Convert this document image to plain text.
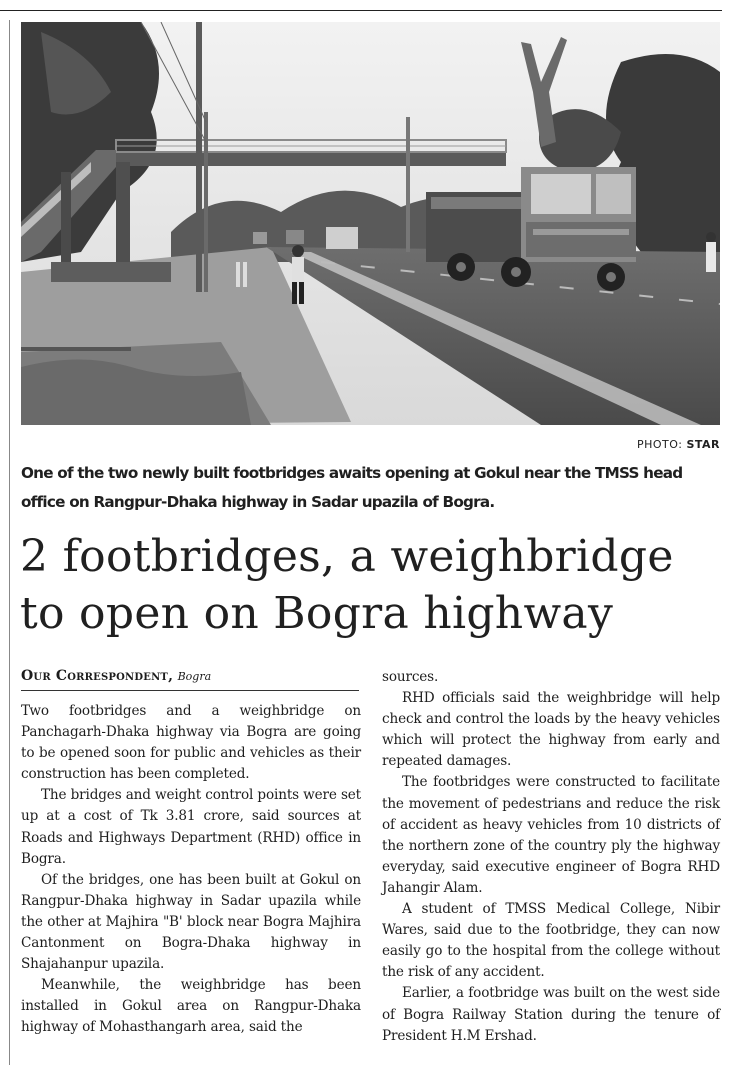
PHOTO: STAR
One of the two newly built footbridges awaits opening at Gokul near the TMSS head office on Rangpur-Dhaka highway in Sadar upazila of Bogra.
2 footbridges, a weighbridge to open on Bogra highway
Our Correspondent, Bogra

Two footbridges and a weighbridge on Panchagarh-Dhaka highway via Bogra are going to be opened soon for public and vehicles as their construction has been completed.

The bridges and weight control points were set up at a cost of Tk 3.81 crore, said sources at Roads and Highways Department (RHD) office in Bogra.

Of the bridges, one has been built at Gokul on Rangpur-Dhaka highway in Sadar upazila while the other at Majhira "B' block near Bogra Majhira Cantonment on Bogra-Dhaka highway in Shajahanpur upazila.

Meanwhile, the weighbridge has been installed in Gokul area on Rangpur-Dhaka highway of Mohasthangarh area, said the

sources.

RHD officials said the weighbridge will help check and control the loads by the heavy vehicles which will protect the highway from early and repeated damages.

The footbridges were constructed to facilitate the movement of pedestrians and reduce the risk of accident as heavy vehicles from 10 districts of the northern zone of the country ply the highway everyday, said executive engineer of Bogra RHD Jahangir Alam.

A student of TMSS Medical College, Nibir Wares, said due to the footbridge, they can now easily go to the hospital from the college without the risk of any accident.

Earlier, a footbridge was built on the west side of Bogra Railway Station during the tenure of President H.M Ershad.
